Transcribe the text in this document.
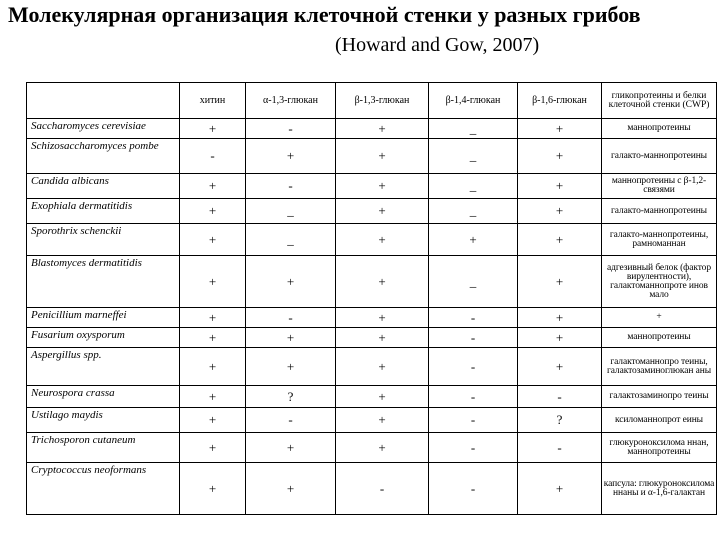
Молекулярная организация клеточной стенки у разных грибов
(Howard and Gow, 2007)
	хитин	α-1,3-глюкан	β-1,3-глюкан	β-1,4-глюкан	β-1,6-глюкан	гликопротеины и белки клеточной стенки (CWP)
Saccharomyces cerevisiae	+	-	+	_	+	маннопротеины
Schizosaccharomyces pombe	-	+	+	_	+	галакто-маннопротеины
Candida albicans	+	-	+	_	+	маннопротеины с β-1,2-связями
Exophiala dermatitidis	+	_	+	_	+	галакто-маннопротеины
Sporothrix schenckii	+	_	+	+	+	галакто-маннопротеины, рамноманнан
Blastomyces dermatitidis	+	+	+	_	+	адгезивный белок (фактор вирулентности), галактоманнопроте инов мало
Penicillium marneffei	+	-	+	-	+	+
Fusarium oxysporum	+	+	+	-	+	маннопротеины
Aspergillus spp.	+	+	+	-	+	галактоманнопро теины, галактозаминоглюкан аны
Neurospora crassa	+	?	+	-	-	галактозаминопро теины
Ustilago maydis	+	-	+	-	?	ксиломаннопрот еины
Trichosporon cutaneum	+	+	+	-	-	глюкуроноксилома ннан, маннопротеины
Cryptococcus neoformans	+	+	-	-	+	капсула: глюкуроноксилома ннаны и α-1,6-галактан
